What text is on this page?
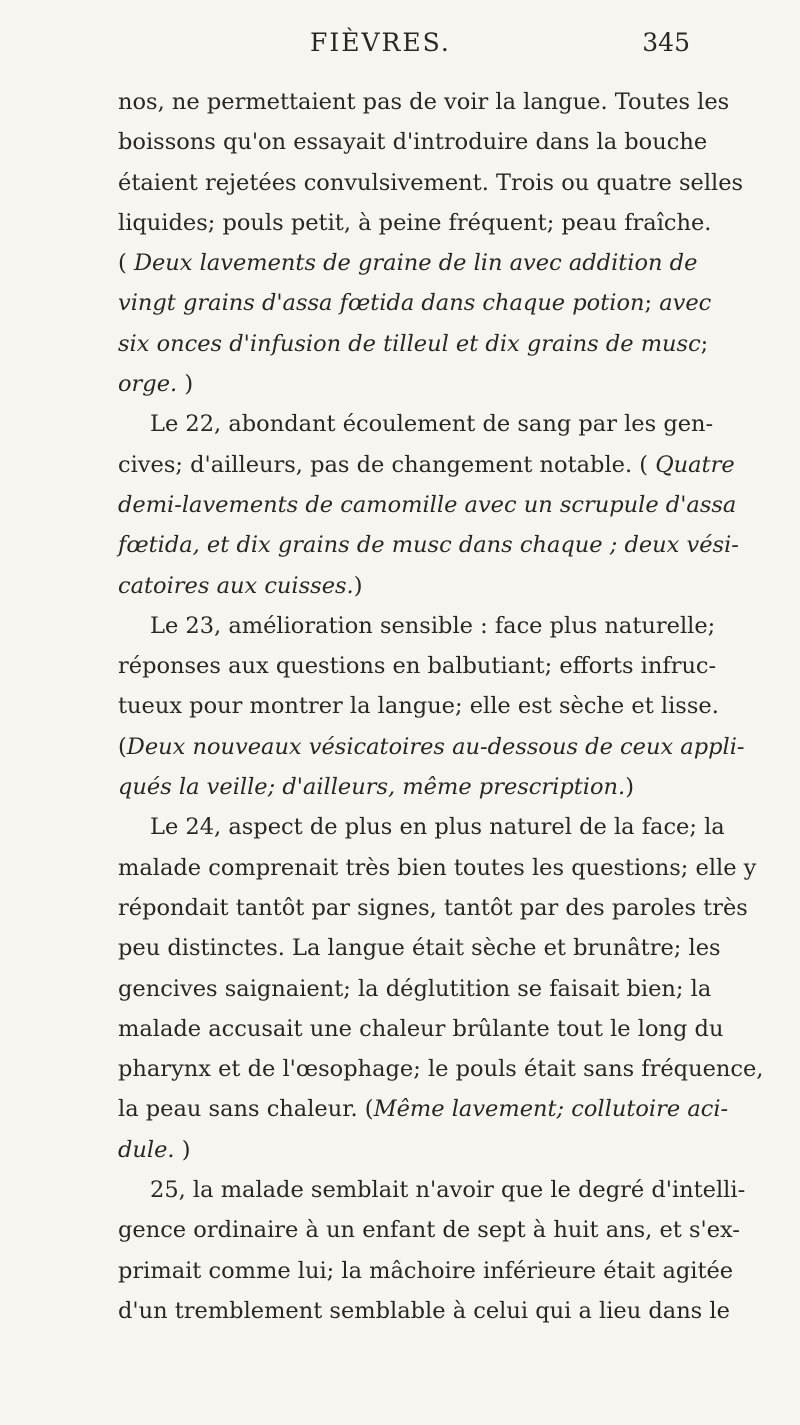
FIÈVRES.	345
nos, ne permettaient pas de voir la langue. Toutes les
boissons qu'on essayait d'introduire dans la bouche
étaient rejetées convulsivement. Trois ou quatre selles
liquides; pouls petit, à peine fréquent; peau fraîche.
( Deux lavements de graine de lin avec addition de
vingt grains d'assa fœtida dans chaque potion; avec
six onces d'infusion de tilleul et dix grains de musc;
orge. )
Le 22, abondant écoulement de sang par les gen-
cives; d'ailleurs, pas de changement notable. ( Quatre
demi-lavements de camomille avec un scrupule d'assa
fœtida, et dix grains de musc dans chaque ; deux vési-
catoires aux cuisses.)
Le 23, amélioration sensible : face plus naturelle;
réponses aux questions en balbutiant; efforts infruc-
tueux pour montrer la langue; elle est sèche et lisse.
(Deux nouveaux vésicatoires au-dessous de ceux appli-
qués la veille; d'ailleurs, même prescription.)
Le 24, aspect de plus en plus naturel de la face; la
malade comprenait très bien toutes les questions; elle y
répondait tantôt par signes, tantôt par des paroles très
peu distinctes. La langue était sèche et brunâtre; les
gencives saignaient; la déglutition se faisait bien; la
malade accusait une chaleur brûlante tout le long du
pharynx et de l'œsophage; le pouls était sans fréquence,
la peau sans chaleur. (Même lavement; collutoire aci-
dule. )
25, la malade semblait n'avoir que le degré d'intelli-
gence ordinaire à un enfant de sept à huit ans, et s'ex-
primait comme lui; la mâchoire inférieure était agitée
d'un tremblement semblable à celui qui a lieu dans le
